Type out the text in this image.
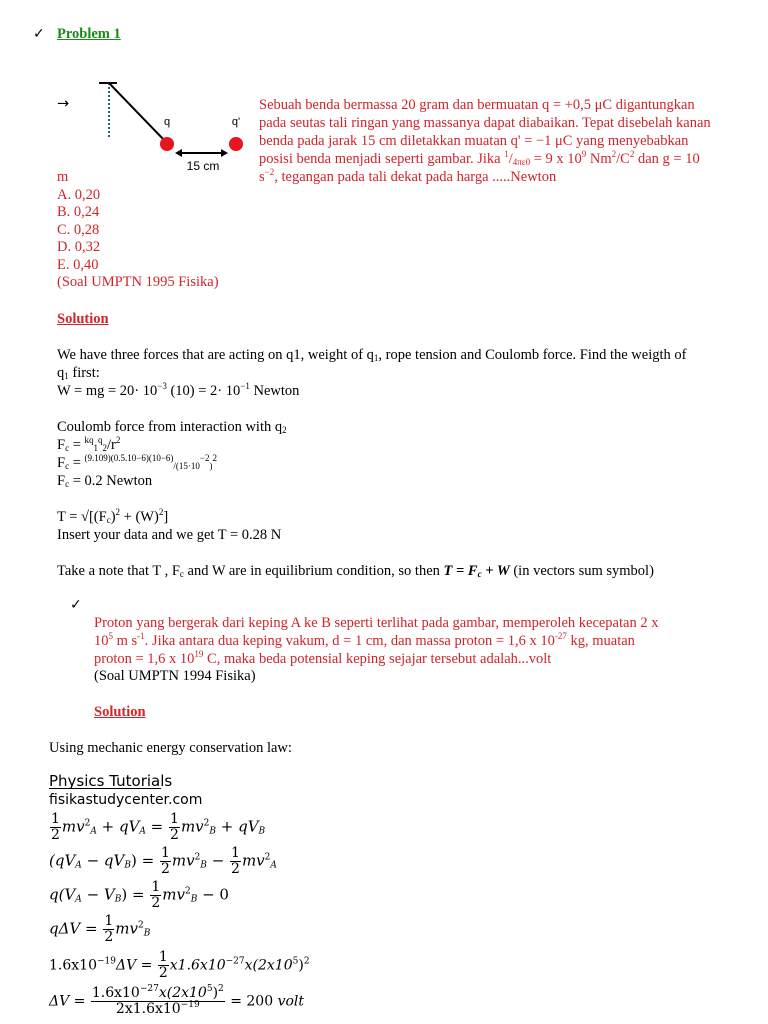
✓ Problem 1
→
q	q'
15 cm
Sebuah benda bermassa 20 gram dan bermuatan q = +0,5 μC digantungkan
pada seutas tali ringan yang massanya dapat diabaikan. Tepat disebelah kanan
benda pada jarak 15 cm diletakkan muatan q' = −1 μC yang menyebabkan
posisi benda menjadi seperti gambar. Jika $^1/_{4\pi\varepsilon 0} = 9$ x $10^9$ $Nm^2/C^2$ dan g = 10
$s^{-2}$, tegangan pada tali dekat pada harga .....Newton
m
A. 0,20
B. 0,24
C. 0,28
D. 0,32
E. 0,40
(Soal UMPTN 1995 Fisika)
Solution
We have three forces that are acting on q1, weight of $q_1$, rope tension and Coulomb force. Find the weigth of
$q_1$ first:
W = mg = $20\cdot 10^{-3}$ $(10) = 2\cdot 10^{-1}$ Newton
Coulomb force from interaction with $q_2$
$F_c = ^{kq}_1^q_2/r^2$
$F_c = ^{(9.109)(0.5.10-6)(10-6)}_{/(15\cdot 10}^{-2}_)^2$
$F_c = 0.2$ Newton
$T = √[(F_c)^2 + (W)^2]$
Insert your data and we get T = 0.28 N
Take a note that T , $F_c$ and W are in equilibrium condition, so then $T = F_c + W$ (in vectors sum symbol)
✓
Proton yang bergerak dari keping A ke B seperti terlihat pada gambar, memperoleh kecepatan 2 x
$10^5$ m $s^{-1}$. Jika antara dua keping vakum, d = 1 cm, dan massa proton = 1,6 x $10^{-27}$ kg, muatan
proton = 1,6 x $10^{19}$ C, maka beda potensial keping sejajar tersebut adalah...volt
(Soal UMPTN 1994 Fisika)
Solution
Using mechanic energy conservation law:
Physics Tutorials
fisikastudycenter.com
$\frac{1}{2} mv^2_A + qV_A = \frac{1}{2} mv^2_B + qV_B$
$(qV_A - qV_B) = \frac{1}{2} mv^2_B - \frac{1}{2} mv^2_A$
$q(V_A - V_B) = \frac{1}{2} mv^2_B - 0$
$q\Delta V = \frac{1}{2} mv^2_B$
$1.6x10^{-19}\Delta V = \frac{1}{2} x1.6x10^{-27}x(2x10^5)^2$
$\Delta V = \frac{1.6x10^{-27}x(2x10^5)^2}{2x1.6x10^{-19}} = 200$ volt
